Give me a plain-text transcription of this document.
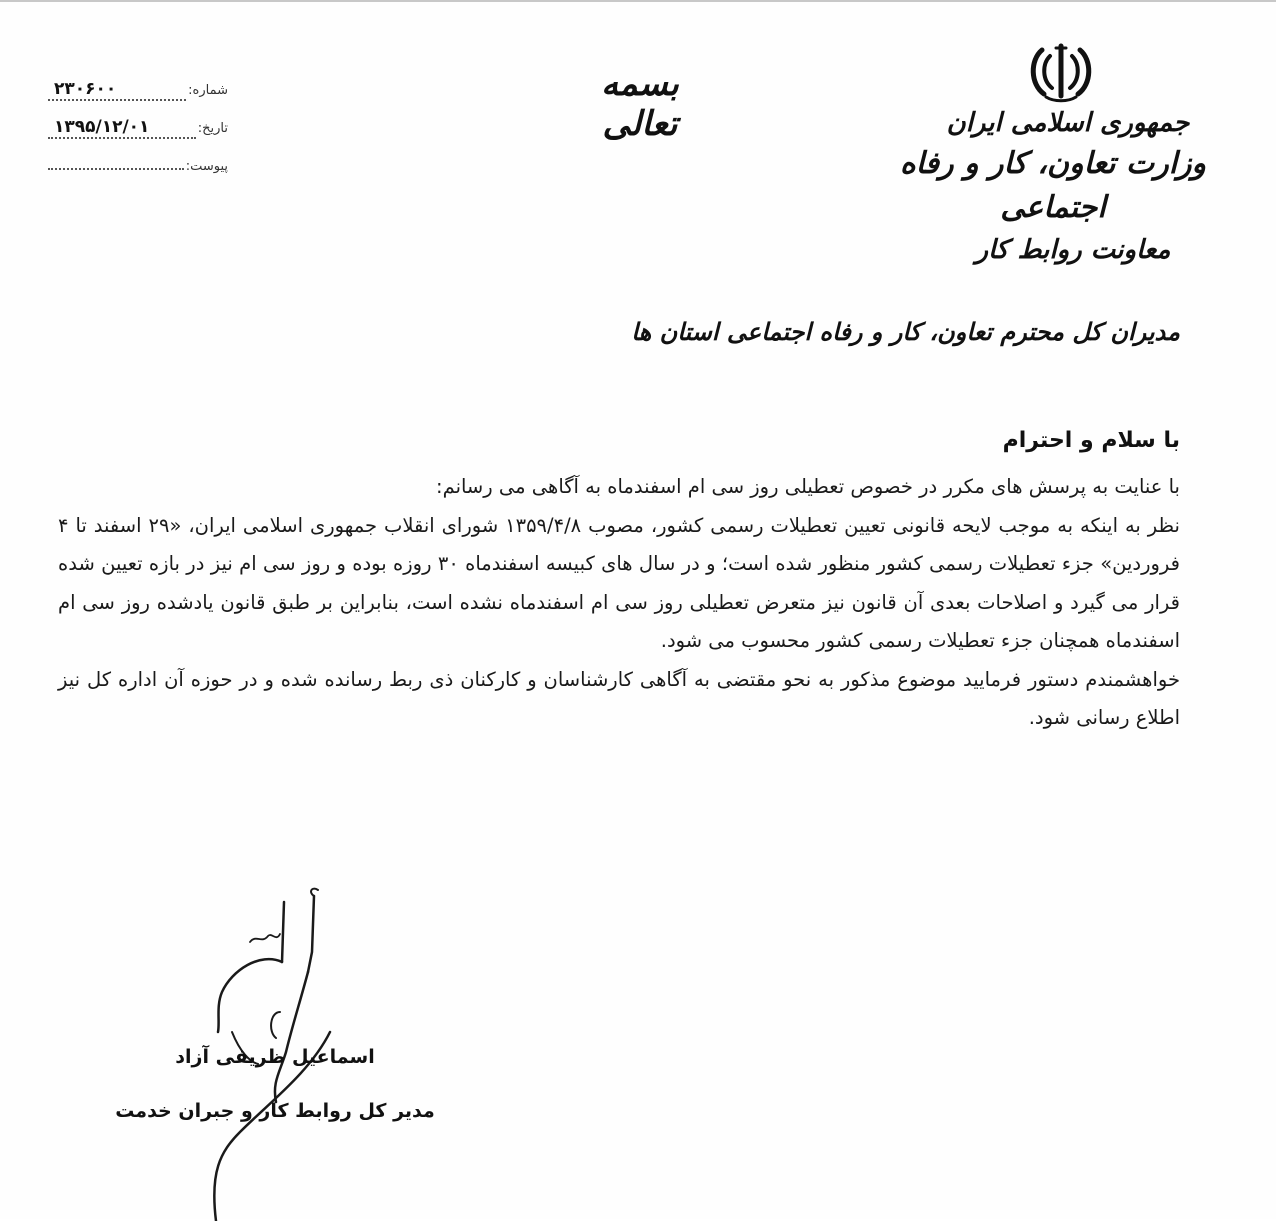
شماره:
۲۳۰۶۰۰
تاریخ:
۱۳۹۵/۱۲/۰۱
پیوست:
بسمه تعالی	جمهوری اسلامی ایران
وزارت تعاون، کار و رفاه اجتماعی
معاونت روابط کار
مدیران کل محترم تعاون، کار و رفاه اجتماعی استان ها
با سلام و احترام

با عنایت به پرسش های مکرر در خصوص تعطیلی روز سی ام اسفندماه به آگاهی می رسانم:

نظر به اینکه به موجب لایحه قانونی تعیین تعطیلات رسمی کشور، مصوب ۱۳۵۹/۴/۸ شورای انقلاب جمهوری اسلامی ایران، «۲۹ اسفند تا ۴ فروردین» جزء تعطیلات رسمی کشور منظور شده است؛ و در سال های کبیسه اسفندماه ۳۰ روزه بوده و روز سی ام نیز در بازه تعیین شده قرار می گیرد و اصلاحات بعدی آن قانون نیز متعرض تعطیلی روز سی ام اسفندماه نشده است، بنابراین بر طبق قانون یادشده روز سی ام اسفندماه همچنان جزء تعطیلات رسمی کشور محسوب می شود.

خواهشمندم دستور فرمایید موضوع مذکور به نحو مقتضی به آگاهی کارشناسان و کارکنان ذی ربط رسانده شده و در حوزه آن اداره کل نیز اطلاع رسانی شود.

اسماعیل ظریفی آزاد
مدیر کل روابط کار و جبران خدمت
